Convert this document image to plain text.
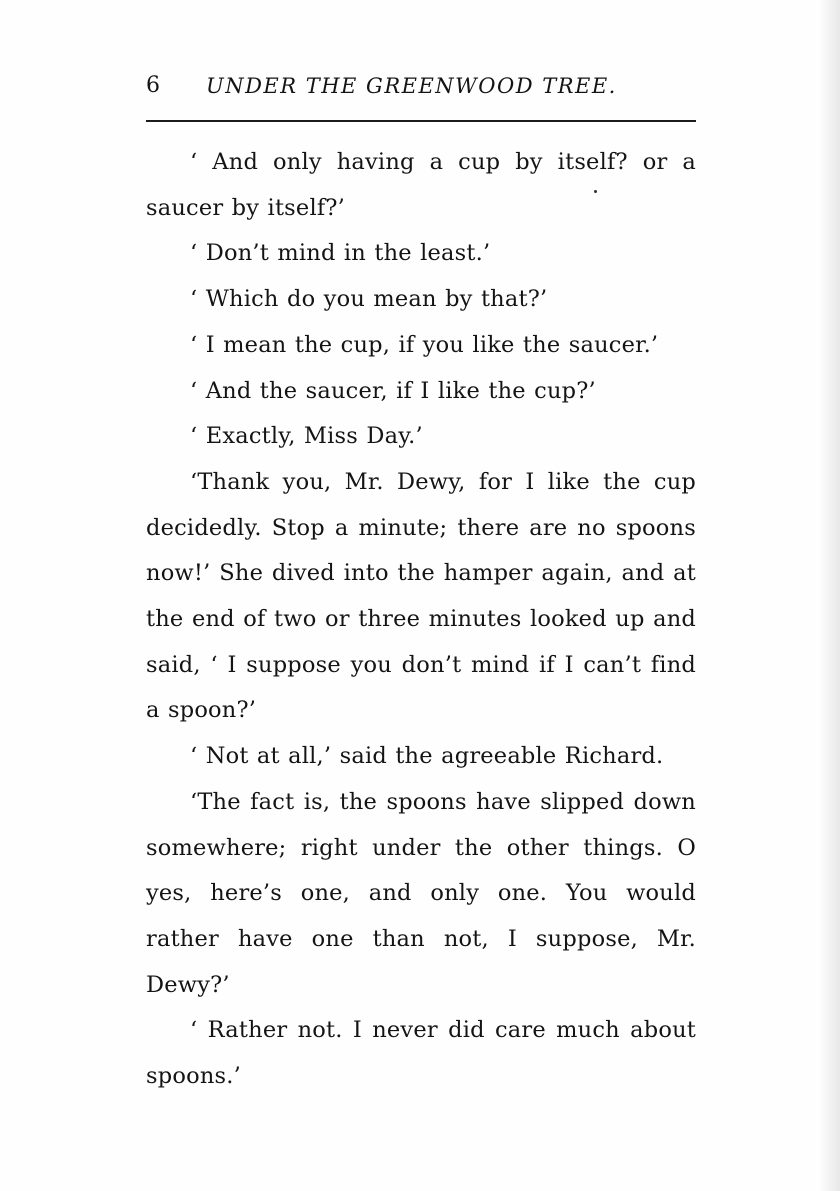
6 UNDER THE GREENWOOD TREE.

‘ And only having a cup by itself? or a saucer by itself?’

‘ Don’t mind in the least.’

‘ Which do you mean by that?’

‘ I mean the cup, if you like the saucer.’

‘ And the saucer, if I like the cup?’

‘ Exactly, Miss Day.’

‘Thank you, Mr. Dewy, for I like the cup decidedly. Stop a minute; there are no spoons now!’ She dived into the hamper again, and at the end of two or three minutes looked up and said, ‘ I suppose you don’t mind if I can’t find a spoon?’

‘ Not at all,’ said the agreeable Richard.

‘The fact is, the spoons have slipped down somewhere; right under the other things. O yes, here’s one, and only one. You would rather have one than not, I suppose, Mr. Dewy?’

‘ Rather not. I never did care much about spoons.’
